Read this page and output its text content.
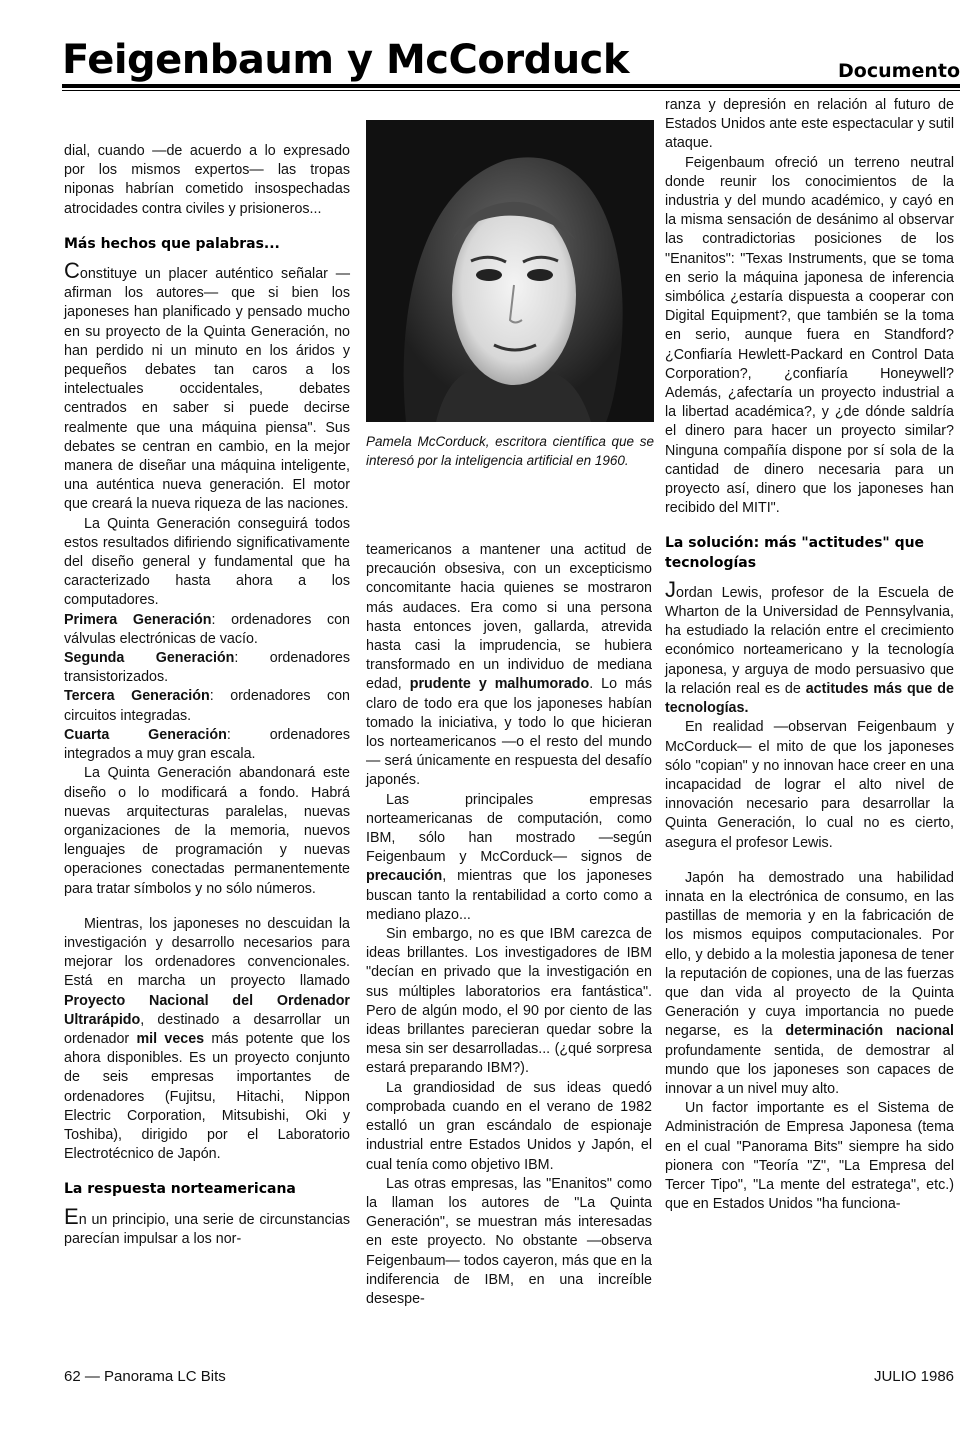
Feigenbaum y McCorduck	Documento

dial, cuando —de acuerdo a lo expresado por los mismos expertos— las tropas niponas habrían cometido insospechadas atrocidades contra civiles y prisioneros...

Más hechos que palabras...

Constituye un placer auténtico señalar —afirman los autores— que si bien los japoneses han planificado y pensado mucho en su proyecto de la Quinta Generación, no han perdido ni un minuto en los áridos y pequeños debates tan caros a los intelectuales occidentales, debates centrados en saber si puede decirse realmente que una máquina piensa". Sus debates se centran en cambio, en la mejor manera de diseñar una máquina inteligente, una auténtica nueva generación. El motor que creará la nueva riqueza de las naciones.

La Quinta Generación conseguirá todos estos resultados difiriendo significativamente del diseño general y fundamental que ha caracterizado hasta ahora a los computadores.

Primera Generación: ordenadores con válvulas electrónicas de vacío.

Segunda Generación: ordenadores transistorizados.

Tercera Generación: ordenadores con circuitos integradas.

Cuarta Generación: ordenadores integrados a muy gran escala.

La Quinta Generación abandonará este diseño o lo modificará a fondo. Habrá nuevas arquitecturas paralelas, nuevas organizaciones de la memoria, nuevos lenguajes de programación y nuevas operaciones conectadas permanentemente para tratar símbolos y no sólo números.

Mientras, los japoneses no descuidan la investigación y desarrollo necesarios para mejorar los ordenadores convencionales. Está en marcha un proyecto llamado Proyecto Nacional del Ordenador Ultrarápido, destinado a desarrollar un ordenador mil veces más potente que los ahora disponibles. Es un proyecto conjunto de seis empresas importantes de ordenadores (Fujitsu, Hitachi, Nippon Electric Corporation, Mitsubishi, Oki y Toshiba), dirigido por el Laboratorio Electrotécnico de Japón.

La respuesta norteamericana

En un principio, una serie de circunstancias parecían impulsar a los nor-

Pamela McCorduck, escritora científica que se interesó por la inteligencia artificial en 1960.

teamericanos a mantener una actitud de precaución obsesiva, con un excepticismo concomitante hacia quienes se mostraron más audaces. Era como si una persona hasta entonces joven, gallarda, atrevida hasta casi la imprudencia, se hubiera transformado en un individuo de mediana edad, prudente y malhumorado. Lo más claro de todo era que los japoneses habían tomado la iniciativa, y todo lo que hicieran los norteamericanos —o el resto del mundo— será únicamente en respuesta del desafío japonés.

Las principales empresas norteamericanas de computación, como IBM, sólo han mostrado —según Feigenbaum y McCorduck— signos de precaución, mientras que los japoneses buscan tanto la rentabilidad a corto como a mediano plazo...

Sin embargo, no es que IBM carezca de ideas brillantes. Los investigadores de IBM "decían en privado que la investigación en sus múltiples laboratorios era fantástica". Pero de algún modo, el 90 por ciento de las ideas brillantes parecieran quedar sobre la mesa sin ser desarrolladas... (¿qué sorpresa estará preparando IBM?).

La grandiosidad de sus ideas quedó comprobada cuando en el verano de 1982 estalló un gran escándalo de espionaje industrial entre Estados Unidos y Japón, el cual tenía como objetivo IBM.

Las otras empresas, las "Enanitos" como la llaman los autores de "La Quinta Generación", se muestran más interesadas en este proyecto. No obstante —observa Feigenbaum— todos cayeron, más que en la indiferencia de IBM, en una increíble desespe-

ranza y depresión en relación al futuro de Estados Unidos ante este espectacular y sutil ataque.

Feigenbaum ofreció un terreno neutral donde reunir los conocimientos de la industria y del mundo académico, y cayó en la misma sensación de desánimo al observar las contradictorias posiciones de los "Enanitos": "Texas Instruments, que se toma en serio la máquina japonesa de inferencia simbólica ¿estaría dispuesta a cooperar con Digital Equipment?, que también se la toma en serio, aunque fuera en Standford? ¿Confiaría Hewlett-Packard en Control Data Corporation?, ¿confiaría Honeywell? Además, ¿afectaría un proyecto industrial a la libertad académica?, y ¿de dónde saldría el dinero para hacer un proyecto similar? Ninguna compañía dispone por sí sola de la cantidad de dinero necesaria para un proyecto así, dinero que los japoneses han recibido del MITI".

La solución: más "actitudes" que tecnologías

Jordan Lewis, profesor de la Escuela de Wharton de la Universidad de Pennsylvania, ha estudiado la relación entre el crecimiento económico norteamericano y la tecnología japonesa, y arguya de modo persuasivo que la relación real es de actitudes más que de tecnologías.

En realidad —observan Feigenbaum y McCorduck— el mito de que los japoneses sólo "copian" y no innovan hace creer en una incapacidad de lograr el alto nivel de innovación necesario para desarrollar la Quinta Generación, lo cual no es cierto, asegura el profesor Lewis.

Japón ha demostrado una habilidad innata en la electrónica de consumo, en las pastillas de memoria y en la fabricación de los mismos equipos computacionales. Por ello, y debido a la molestia japonesa de tener la reputación de copiones, una de las fuerzas que dan vida al proyecto de la Quinta Generación y cuya importancia no puede negarse, es la determinación nacional profundamente sentida, de demostrar al mundo que los japoneses son capaces de innovar a un nivel muy alto.

Un factor importante es el Sistema de Administración de Empresa Japonesa (tema en el cual "Panorama Bits" siempre ha sido pionera con "Teoría "Z", "La Empresa del Tercer Tipo", "La mente del estratega", etc.) que en Estados Unidos "ha funciona-

62 — Panorama LC Bits	JULIO 1986
